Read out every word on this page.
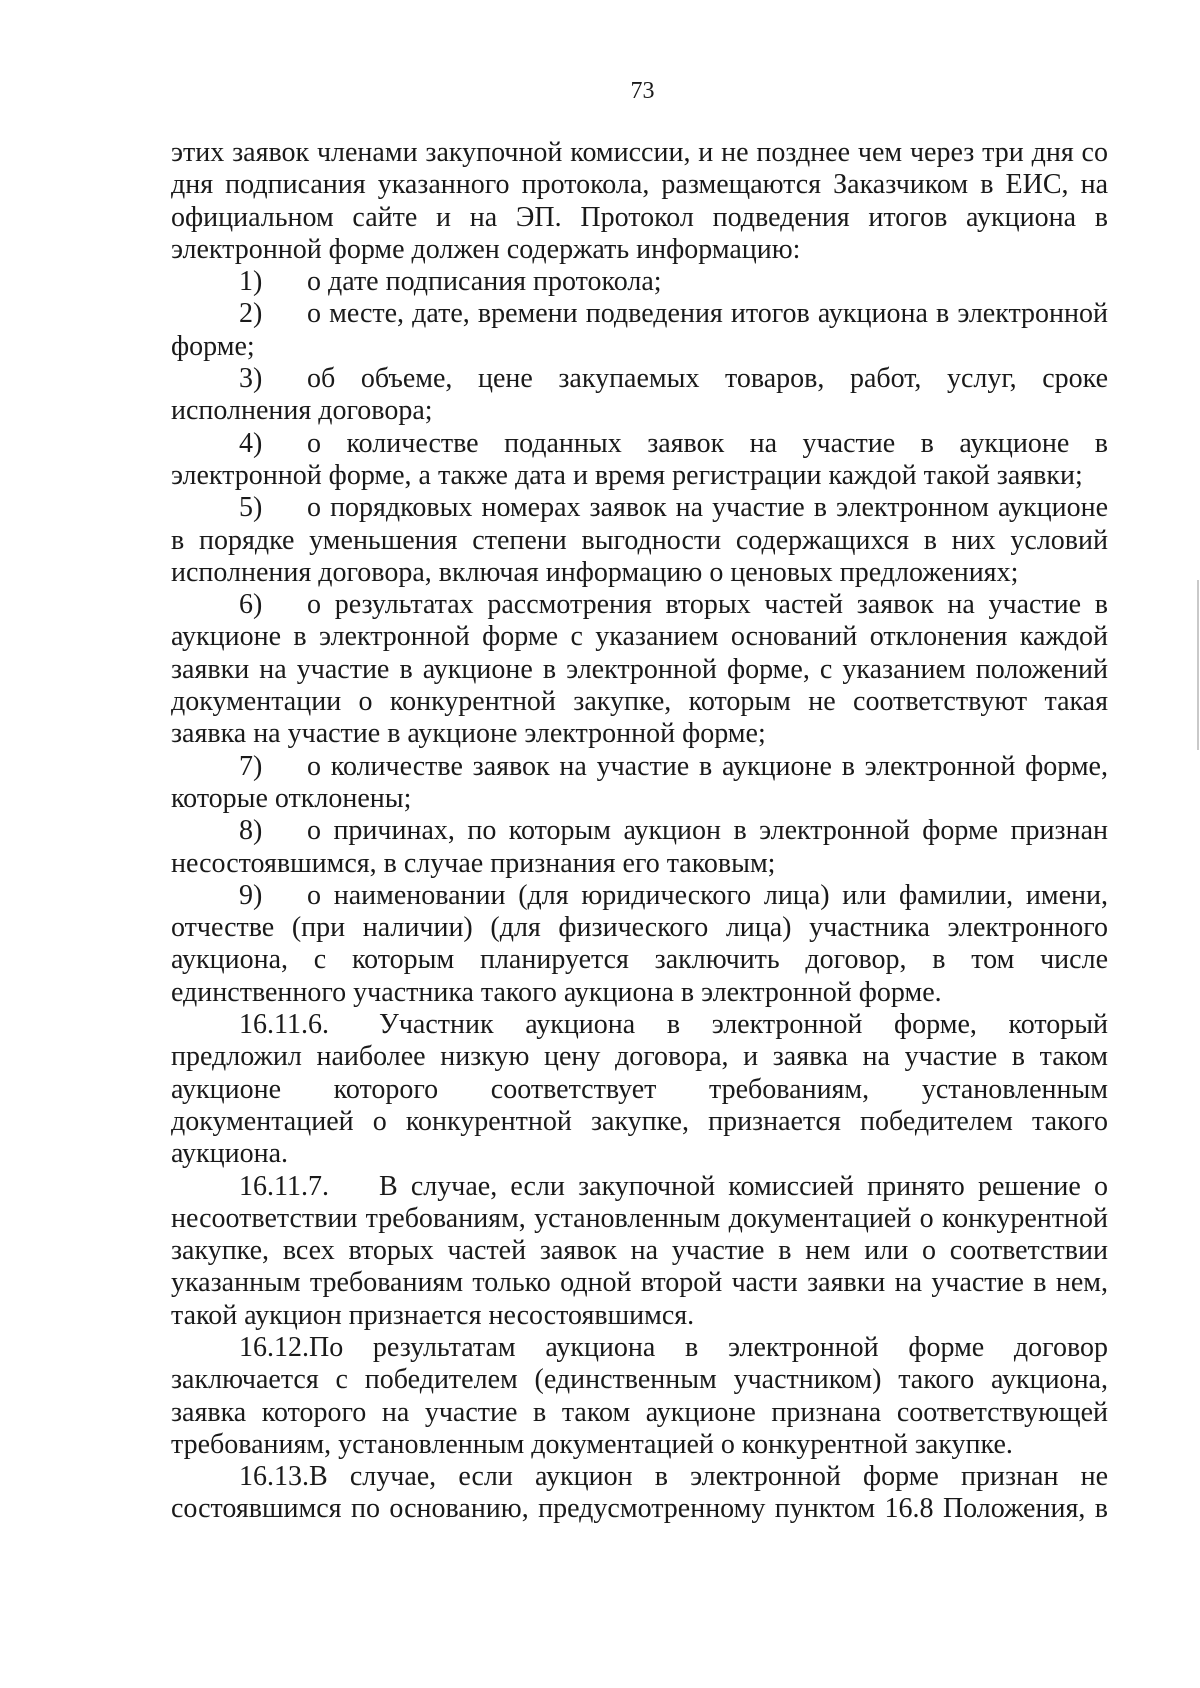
73

этих заявок членами закупочной комиссии, и не позднее чем через три дня со дня подписания указанного протокола, размещаются Заказчиком в ЕИС, на официальном сайте и на ЭП. Протокол подведения итогов аукциона в электронной форме должен содержать информацию:

1) о дате подписания протокола;

2) о месте, дате, времени подведения итогов аукциона в электронной форме;

3) об объеме, цене закупаемых товаров, работ, услуг, сроке исполнения договора;

4) о количестве поданных заявок на участие в аукционе в электронной форме, а также дата и время регистрации каждой такой заявки;

5) о порядковых номерах заявок на участие в электронном аукционе в порядке уменьшения степени выгодности содержащихся в них условий исполнения договора, включая информацию о ценовых предложениях;

6) о результатах рассмотрения вторых частей заявок на участие в аукционе в электронной форме с указанием оснований отклонения каждой заявки на участие в аукционе в электронной форме, с указанием положений документации о конкурентной закупке, которым не соответствуют такая заявка на участие в аукционе электронной форме;

7) о количестве заявок на участие в аукционе в электронной форме, которые отклонены;

8) о причинах, по которым аукцион в электронной форме признан несостоявшимся, в случае признания его таковым;

9) о наименовании (для юридического лица) или фамилии, имени, отчестве (при наличии) (для физического лица) участника электронного аукциона, с которым планируется заключить договор, в том числе единственного участника такого аукциона в электронной форме.

16.11.6. Участник аукциона в электронной форме, который предложил наиболее низкую цену договора, и заявка на участие в таком аукционе которого соответствует требованиям, установленным документацией о конкурентной закупке, признается победителем такого аукциона.

16.11.7. В случае, если закупочной комиссией принято решение о несоответствии требованиям, установленным документацией о конкурентной закупке, всех вторых частей заявок на участие в нем или о соответствии указанным требованиям только одной второй части заявки на участие в нем, такой аукцион признается несостоявшимся.

16.12.По результатам аукциона в электронной форме договор заключается с победителем (единственным участником) такого аукциона, заявка которого на участие в таком аукционе признана соответствующей требованиям, установленным документацией о конкурентной закупке.

16.13.В случае, если аукцион в электронной форме признан не состоявшимся по основанию, предусмотренному пунктом 16.8 Положения, в
